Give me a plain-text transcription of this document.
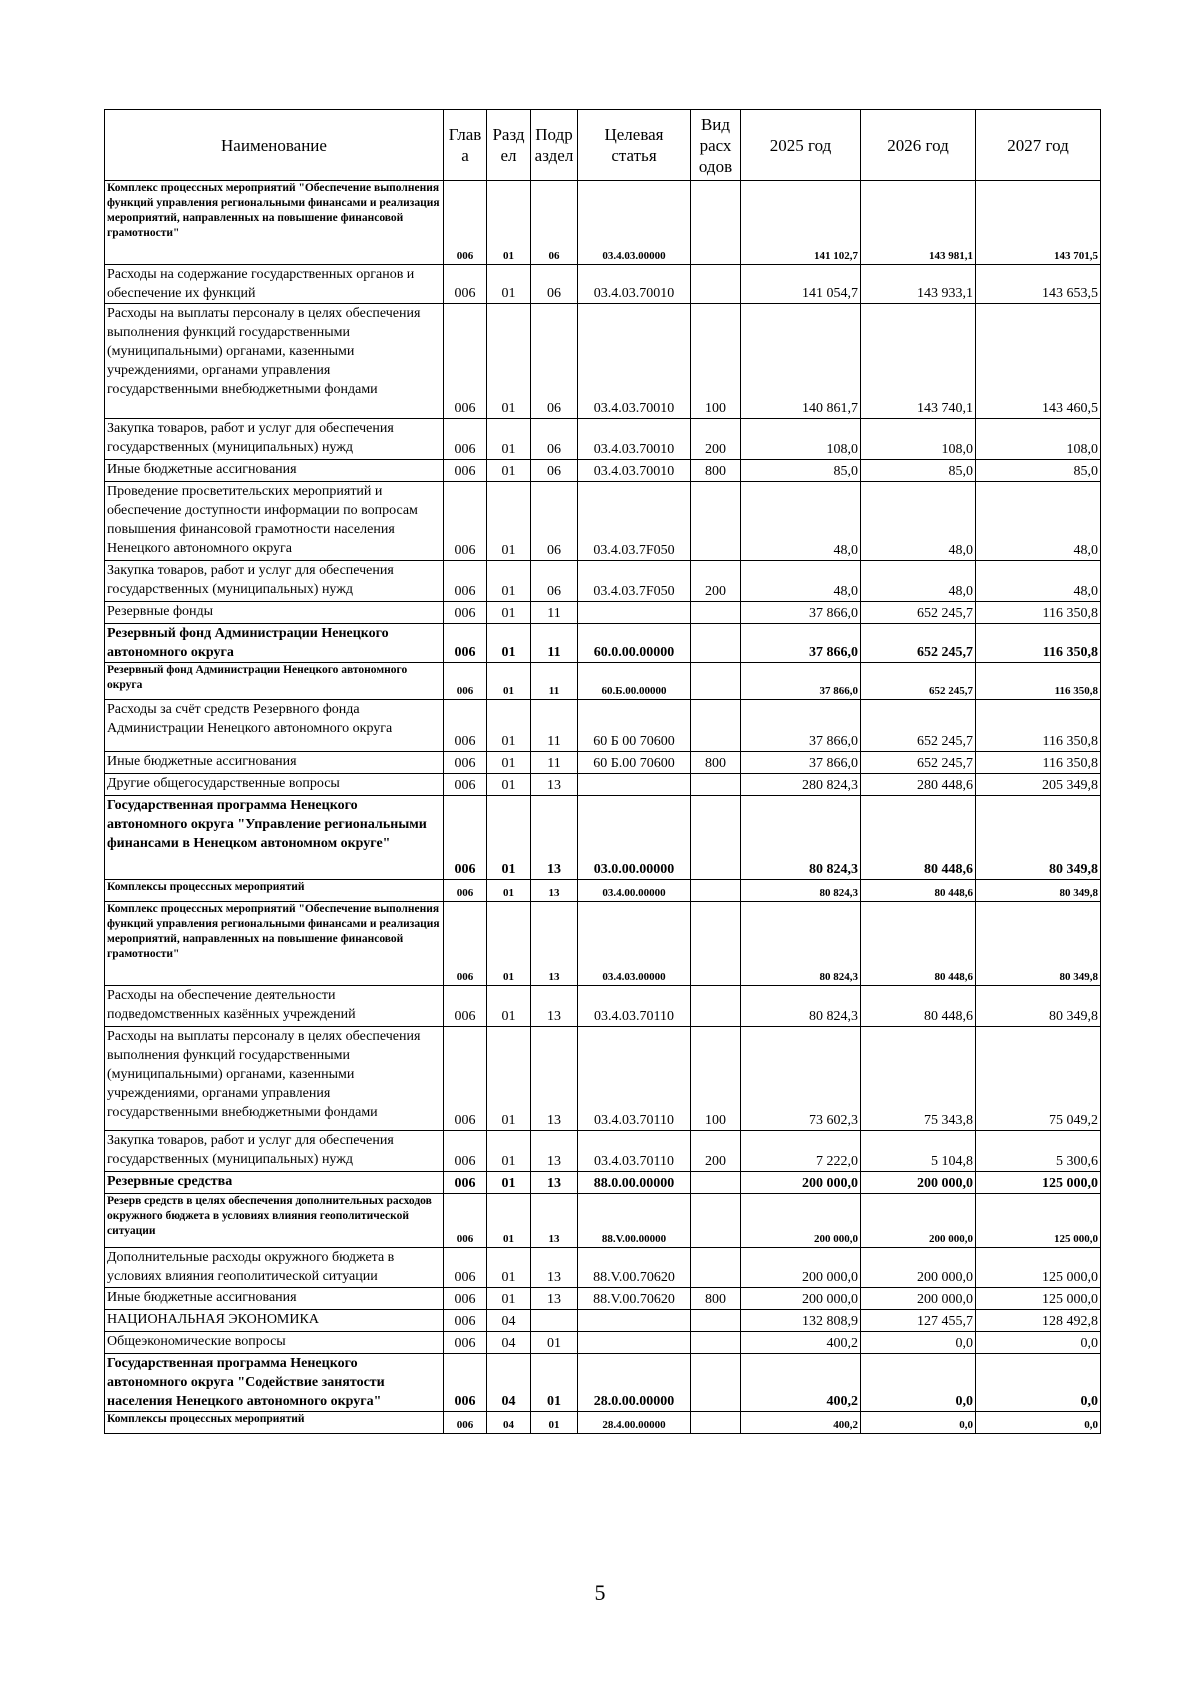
Наименование	Глав а	Разд ел	Подр аздел	Целевая статья	Вид расх одов	2025 год	2026 год	2027 год
Комплекс процессных мероприятий "Обеспечение выполнения функций управления региональными финансами и реализация мероприятий, направленных на повышение финансовой грамотности"	006	01	06	03.4.03.00000		141 102,7	143 981,1	143 701,5
Расходы на содержание государственных органов и обеспечение их функций	006	01	06	03.4.03.70010		141 054,7	143 933,1	143 653,5
Расходы на выплаты персоналу в целях обеспечения выполнения функций государственными (муниципальными) органами, казенными учреждениями, органами управления государственными внебюджетными фондами	006	01	06	03.4.03.70010	100	140 861,7	143 740,1	143 460,5
Закупка товаров, работ и услуг для обеспечения государственных (муниципальных) нужд	006	01	06	03.4.03.70010	200	108,0	108,0	108,0
Иные бюджетные ассигнования	006	01	06	03.4.03.70010	800	85,0	85,0	85,0
Проведение просветительских мероприятий и обеспечение доступности информации по вопросам повышения финансовой грамотности населения Ненецкого автономного округа	006	01	06	03.4.03.7F050		48,0	48,0	48,0
Закупка товаров, работ и услуг для обеспечения государственных (муниципальных) нужд	006	01	06	03.4.03.7F050	200	48,0	48,0	48,0
Резервные фонды	006	01	11			37 866,0	652 245,7	116 350,8
Резервный фонд Администрации Ненецкого автономного округа	006	01	11	60.0.00.00000		37 866,0	652 245,7	116 350,8
Резервный фонд Администрации Ненецкого автономного округа	006	01	11	60.Б.00.00000		37 866,0	652 245,7	116 350,8
Расходы за счёт средств Резервного фонда Администрации Ненецкого автономного округа	006	01	11	60 Б 00 70600		37 866,0	652 245,7	116 350,8
Иные бюджетные ассигнования	006	01	11	60 Б.00 70600	800	37 866,0	652 245,7	116 350,8
Другие общегосударственные вопросы	006	01	13			280 824,3	280 448,6	205 349,8
Государственная программа Ненецкого автономного округа "Управление региональными финансами в Ненецком автономном округе"	006	01	13	03.0.00.00000		80 824,3	80 448,6	80 349,8
Комплексы процессных мероприятий	006	01	13	03.4.00.00000		80 824,3	80 448,6	80 349,8
Комплекс процессных мероприятий "Обеспечение выполнения функций управления региональными финансами и реализация мероприятий, направленных на повышение финансовой грамотности"	006	01	13	03.4.03.00000		80 824,3	80 448,6	80 349,8
Расходы на обеспечение деятельности подведомственных казённых учреждений	006	01	13	03.4.03.70110		80 824,3	80 448,6	80 349,8
Расходы на выплаты персоналу в целях обеспечения выполнения функций государственными (муниципальными) органами, казенными учреждениями, органами управления государственными внебюджетными фондами	006	01	13	03.4.03.70110	100	73 602,3	75 343,8	75 049,2
Закупка товаров, работ и услуг для обеспечения государственных (муниципальных) нужд	006	01	13	03.4.03.70110	200	7 222,0	5 104,8	5 300,6
Резервные средства	006	01	13	88.0.00.00000		200 000,0	200 000,0	125 000,0
Резерв средств в целях обеспечения дополнительных расходов окружного бюджета в условиях влияния геополитической ситуации	006	01	13	88.V.00.00000		200 000,0	200 000,0	125 000,0
Дополнительные расходы окружного бюджета в условиях влияния геополитической ситуации	006	01	13	88.V.00.70620		200 000,0	200 000,0	125 000,0
Иные бюджетные ассигнования	006	01	13	88.V.00.70620	800	200 000,0	200 000,0	125 000,0
НАЦИОНАЛЬНАЯ ЭКОНОМИКА	006	04				132 808,9	127 455,7	128 492,8
Общеэкономические вопросы	006	04	01			400,2	0,0	0,0
Государственная программа Ненецкого автономного округа "Содействие занятости населения Ненецкого автономного округа"	006	04	01	28.0.00.00000		400,2	0,0	0,0
Комплексы процессных мероприятий	006	04	01	28.4.00.00000		400,2	0,0	0,0
5
